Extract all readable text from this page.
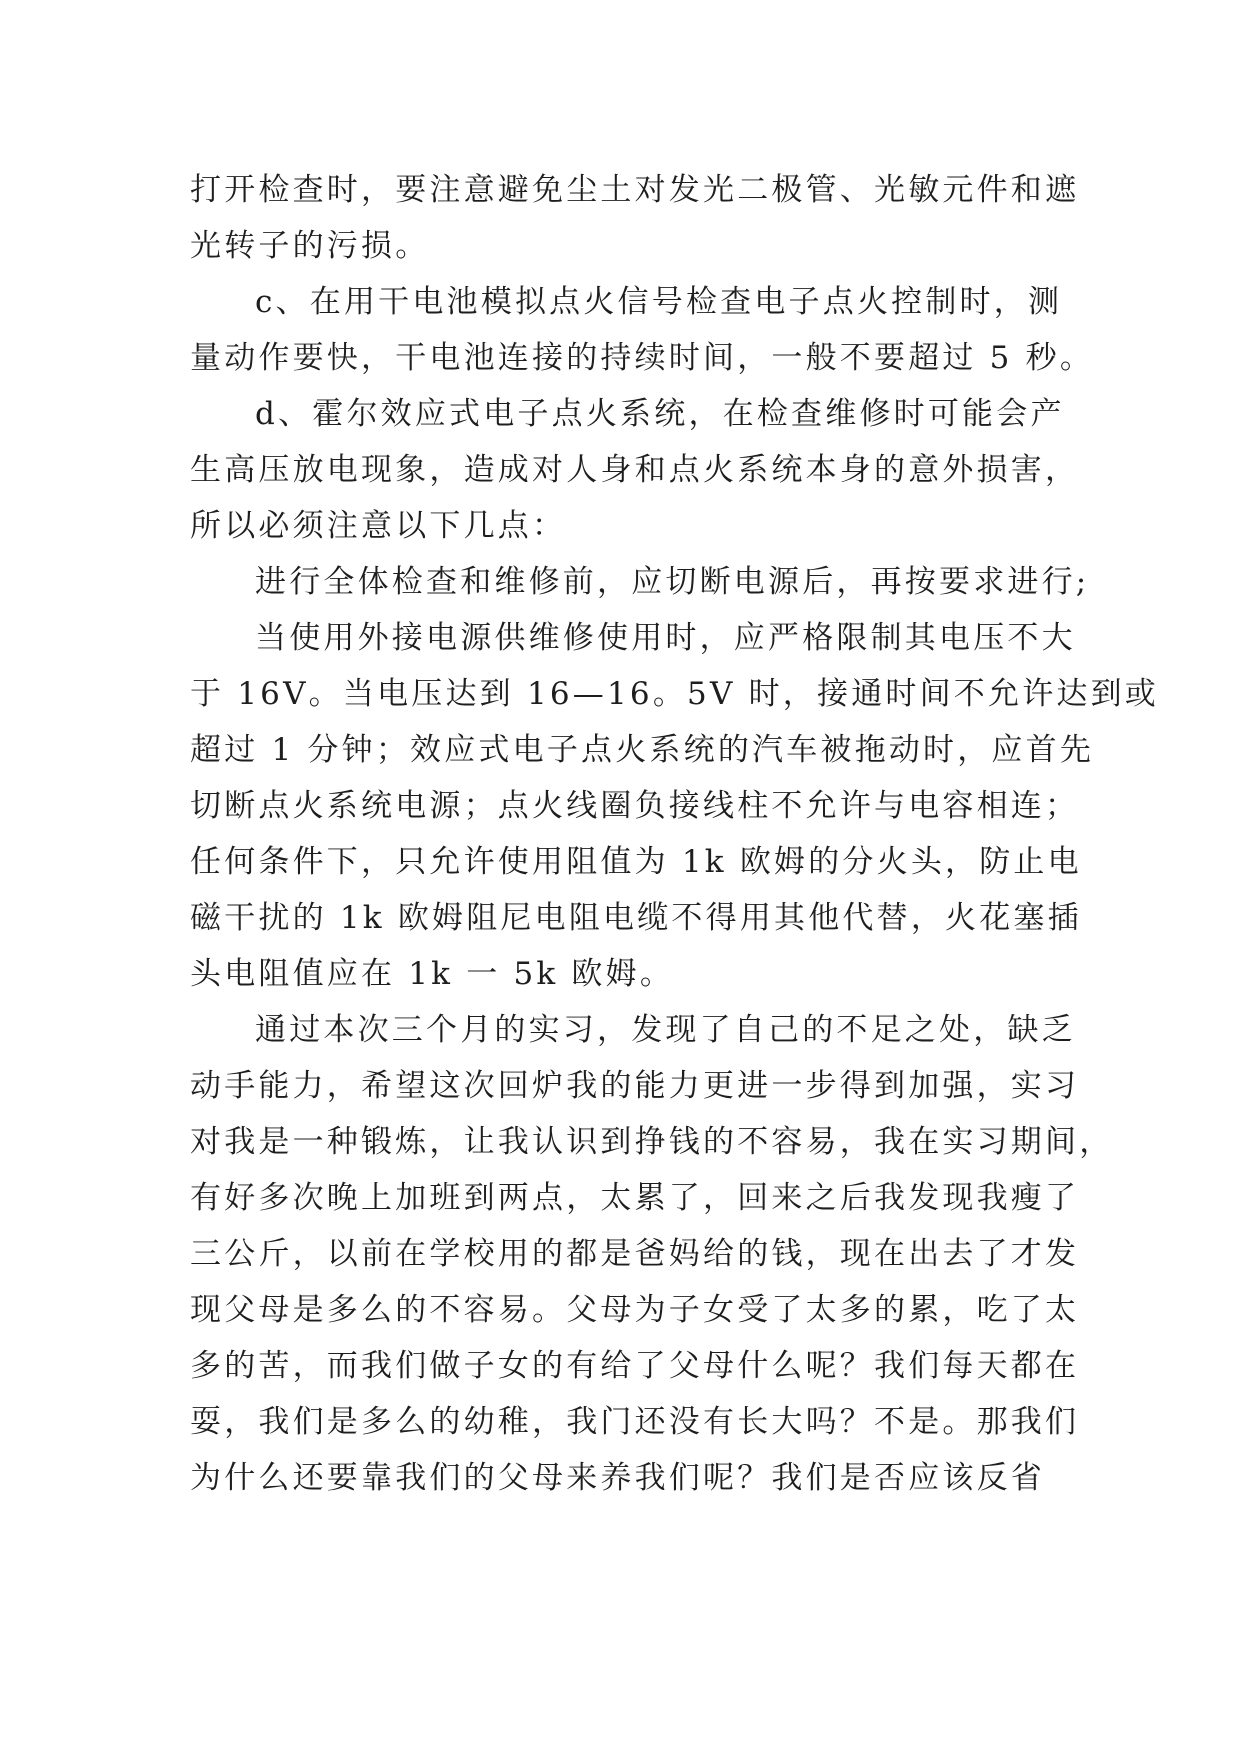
打开检查时，要注意避免尘土对发光二极管、光敏元件和遮
光转子的污损。
c、在用干电池模拟点火信号检查电子点火控制时，测
量动作要快，干电池连接的持续时间，一般不要超过 5 秒。
d、霍尔效应式电子点火系统，在检查维修时可能会产
生高压放电现象，造成对人身和点火系统本身的意外损害，
所以必须注意以下几点：
进行全体检查和维修前，应切断电源后，再按要求进行;
当使用外接电源供维修使用时，应严格限制其电压不大
于 16V。当电压达到 16—16。5V 时，接通时间不允许达到或
超过 1 分钟；效应式电子点火系统的汽车被拖动时，应首先
切断点火系统电源；点火线圈负接线柱不允许与电容相连；
任何条件下，只允许使用阻值为 1k 欧姆的分火头，防止电
磁干扰的 1k 欧姆阻尼电阻电缆不得用其他代替，火花塞插
头电阻值应在 1k 一 5k 欧姆。
通过本次三个月的实习，发现了自己的不足之处，缺乏
动手能力，希望这次回炉我的能力更进一步得到加强，实习
对我是一种锻炼，让我认识到挣钱的不容易，我在实习期间，
有好多次晚上加班到两点，太累了，回来之后我发现我瘦了
三公斤，以前在学校用的都是爸妈给的钱，现在出去了才发
现父母是多么的不容易。父母为子女受了太多的累，吃了太
多的苦，而我们做子女的有给了父母什么呢？我们每天都在
耍，我们是多么的幼稚，我门还没有长大吗？不是。那我们
为什么还要靠我们的父母来养我们呢？我们是否应该反省
